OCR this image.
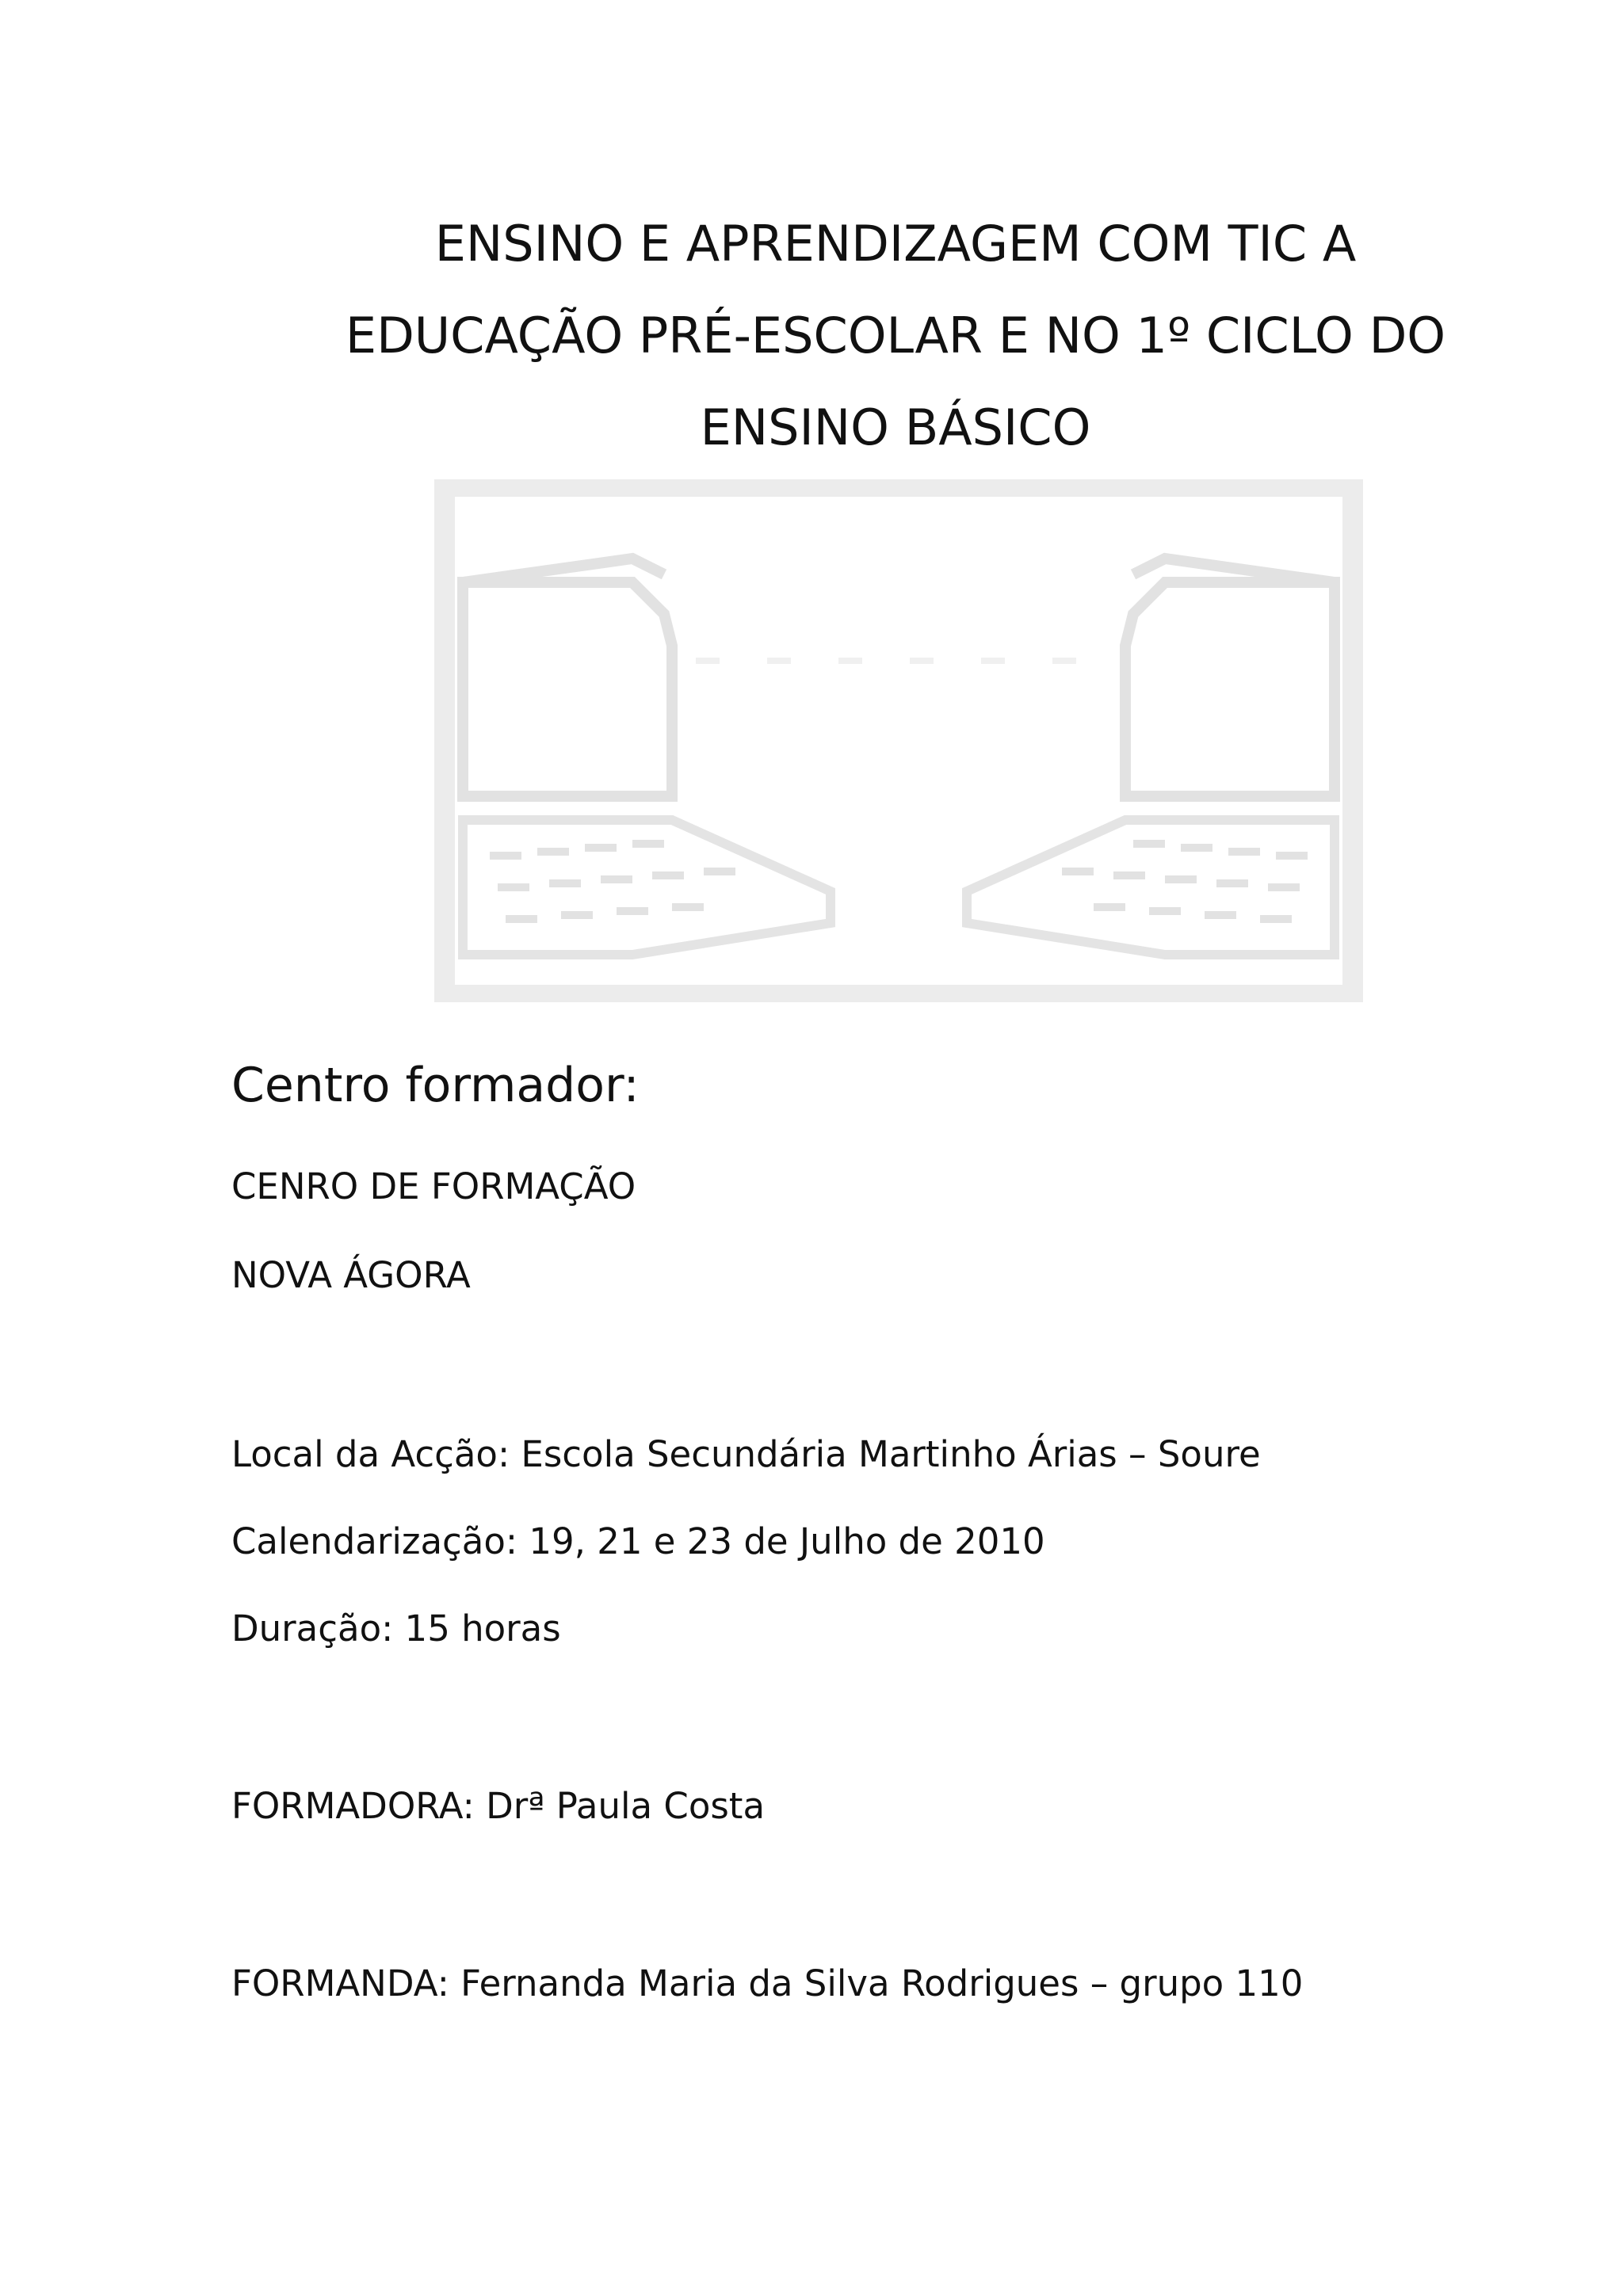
ENSINO E APRENDIZAGEM COM TIC A
EDUCAÇÃO PRÉ-ESCOLAR E NO 1º CICLO DO
ENSINO BÁSICO
Centro formador:

CENRO DE FORMAÇÃO

NOVA ÁGORA

Local da Acção: Escola Secundária Martinho Árias – Soure

Calendarização: 19, 21 e 23 de Julho de 2010

Duração: 15 horas

FORMADORA: Drª Paula Costa

FORMANDA: Fernanda Maria da Silva Rodrigues – grupo 110
